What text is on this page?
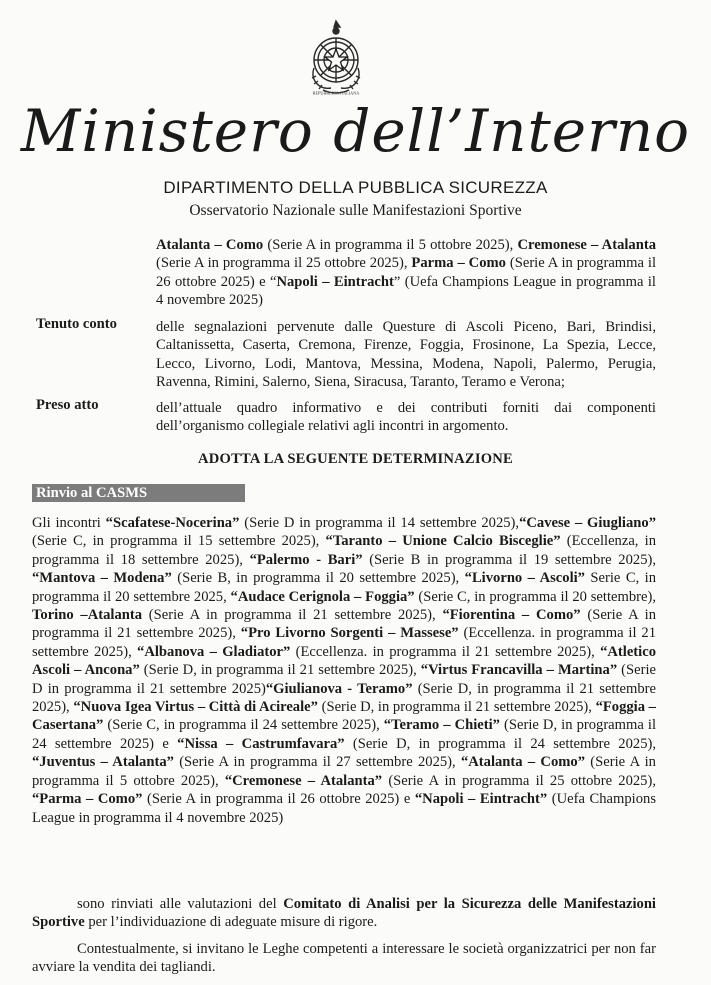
REPUBBLICA ITALIANA
Ministero dell’Interno
DIPARTIMENTO DELLA PUBBLICA SICUREZZA
Osservatorio Nazionale sulle Manifestazioni Sportive
Atalanta – Como (Serie A in programma il 5 ottobre 2025), Cremonese – Atalanta (Serie A in programma il 25 ottobre 2025), Parma – Como (Serie A in programma il 26 ottobre 2025) e “Napoli – Eintracht” (Uefa Champions League in programma il 4 novembre 2025)
Tenuto conto	delle segnalazioni pervenute dalle Questure di Ascoli Piceno, Bari, Brindisi, Caltanissetta, Caserta, Cremona, Firenze, Foggia, Frosinone, La Spezia, Lecce, Lecco, Livorno, Lodi, Mantova, Messina, Modena, Napoli, Palermo, Perugia, Ravenna, Rimini, Salerno, Siena, Siracusa, Taranto, Teramo e Verona;
Preso atto	dell’attuale quadro informativo e dei contributi forniti dai componenti dell’organismo collegiale relativi agli incontri in argomento.
ADOTTA LA SEGUENTE DETERMINAZIONE
Rinvio al CASMS
Gli incontri “Scafatese-Nocerina” (Serie D in programma il 14 settembre 2025),“Cavese – Giugliano” (Serie C, in programma il 15 settembre 2025), “Taranto – Unione Calcio Bisceglie” (Eccellenza, in programma il 18 settembre 2025), “Palermo - Bari” (Serie B in programma il 19 settembre 2025), “Mantova – Modena” (Serie B, in programma il 20 settembre 2025), “Livorno – Ascoli” Serie C, in programma il 20 settembre 2025, “Audace Cerignola – Foggia” (Serie C, in programma il 20 settembre), Torino –Atalanta (Serie A in programma il 21 settembre 2025), “Fiorentina – Como” (Serie A in programma il 21 settembre 2025), “Pro Livorno Sorgenti – Massese” (Eccellenza. in programma il 21 settembre 2025), “Albanova – Gladiator” (Eccellenza. in programma il 21 settembre 2025), “Atletico Ascoli – Ancona” (Serie D, in programma il 21 settembre 2025), “Virtus Francavilla – Martina” (Serie D in programma il 21 settembre 2025)“Giulianova - Teramo” (Serie D, in programma il 21 settembre 2025), “Nuova Igea Virtus – Città di Acireale” (Serie D, in programma il 21 settembre 2025), “Foggia – Casertana” (Serie C, in programma il 24 settembre 2025), “Teramo – Chieti” (Serie D, in programma il 24 settembre 2025) e “Nissa – Castrumfavara” (Serie D, in programma il 24 settembre 2025), “Juventus – Atalanta” (Serie A in programma il 27 settembre 2025), “Atalanta – Como” (Serie A in programma il 5 ottobre 2025), “Cremonese – Atalanta” (Serie A in programma il 25 ottobre 2025), “Parma – Como” (Serie A in programma il 26 ottobre 2025) e “Napoli – Eintracht” (Uefa Champions League in programma il 4 novembre 2025)
sono rinviati alle valutazioni del Comitato di Analisi per la Sicurezza delle Manifestazioni Sportive per l’individuazione di adeguate misure di rigore.
Contestualmente, si invitano le Leghe competenti a interessare le società organizzatrici per non far avviare la vendita dei tagliandi.
